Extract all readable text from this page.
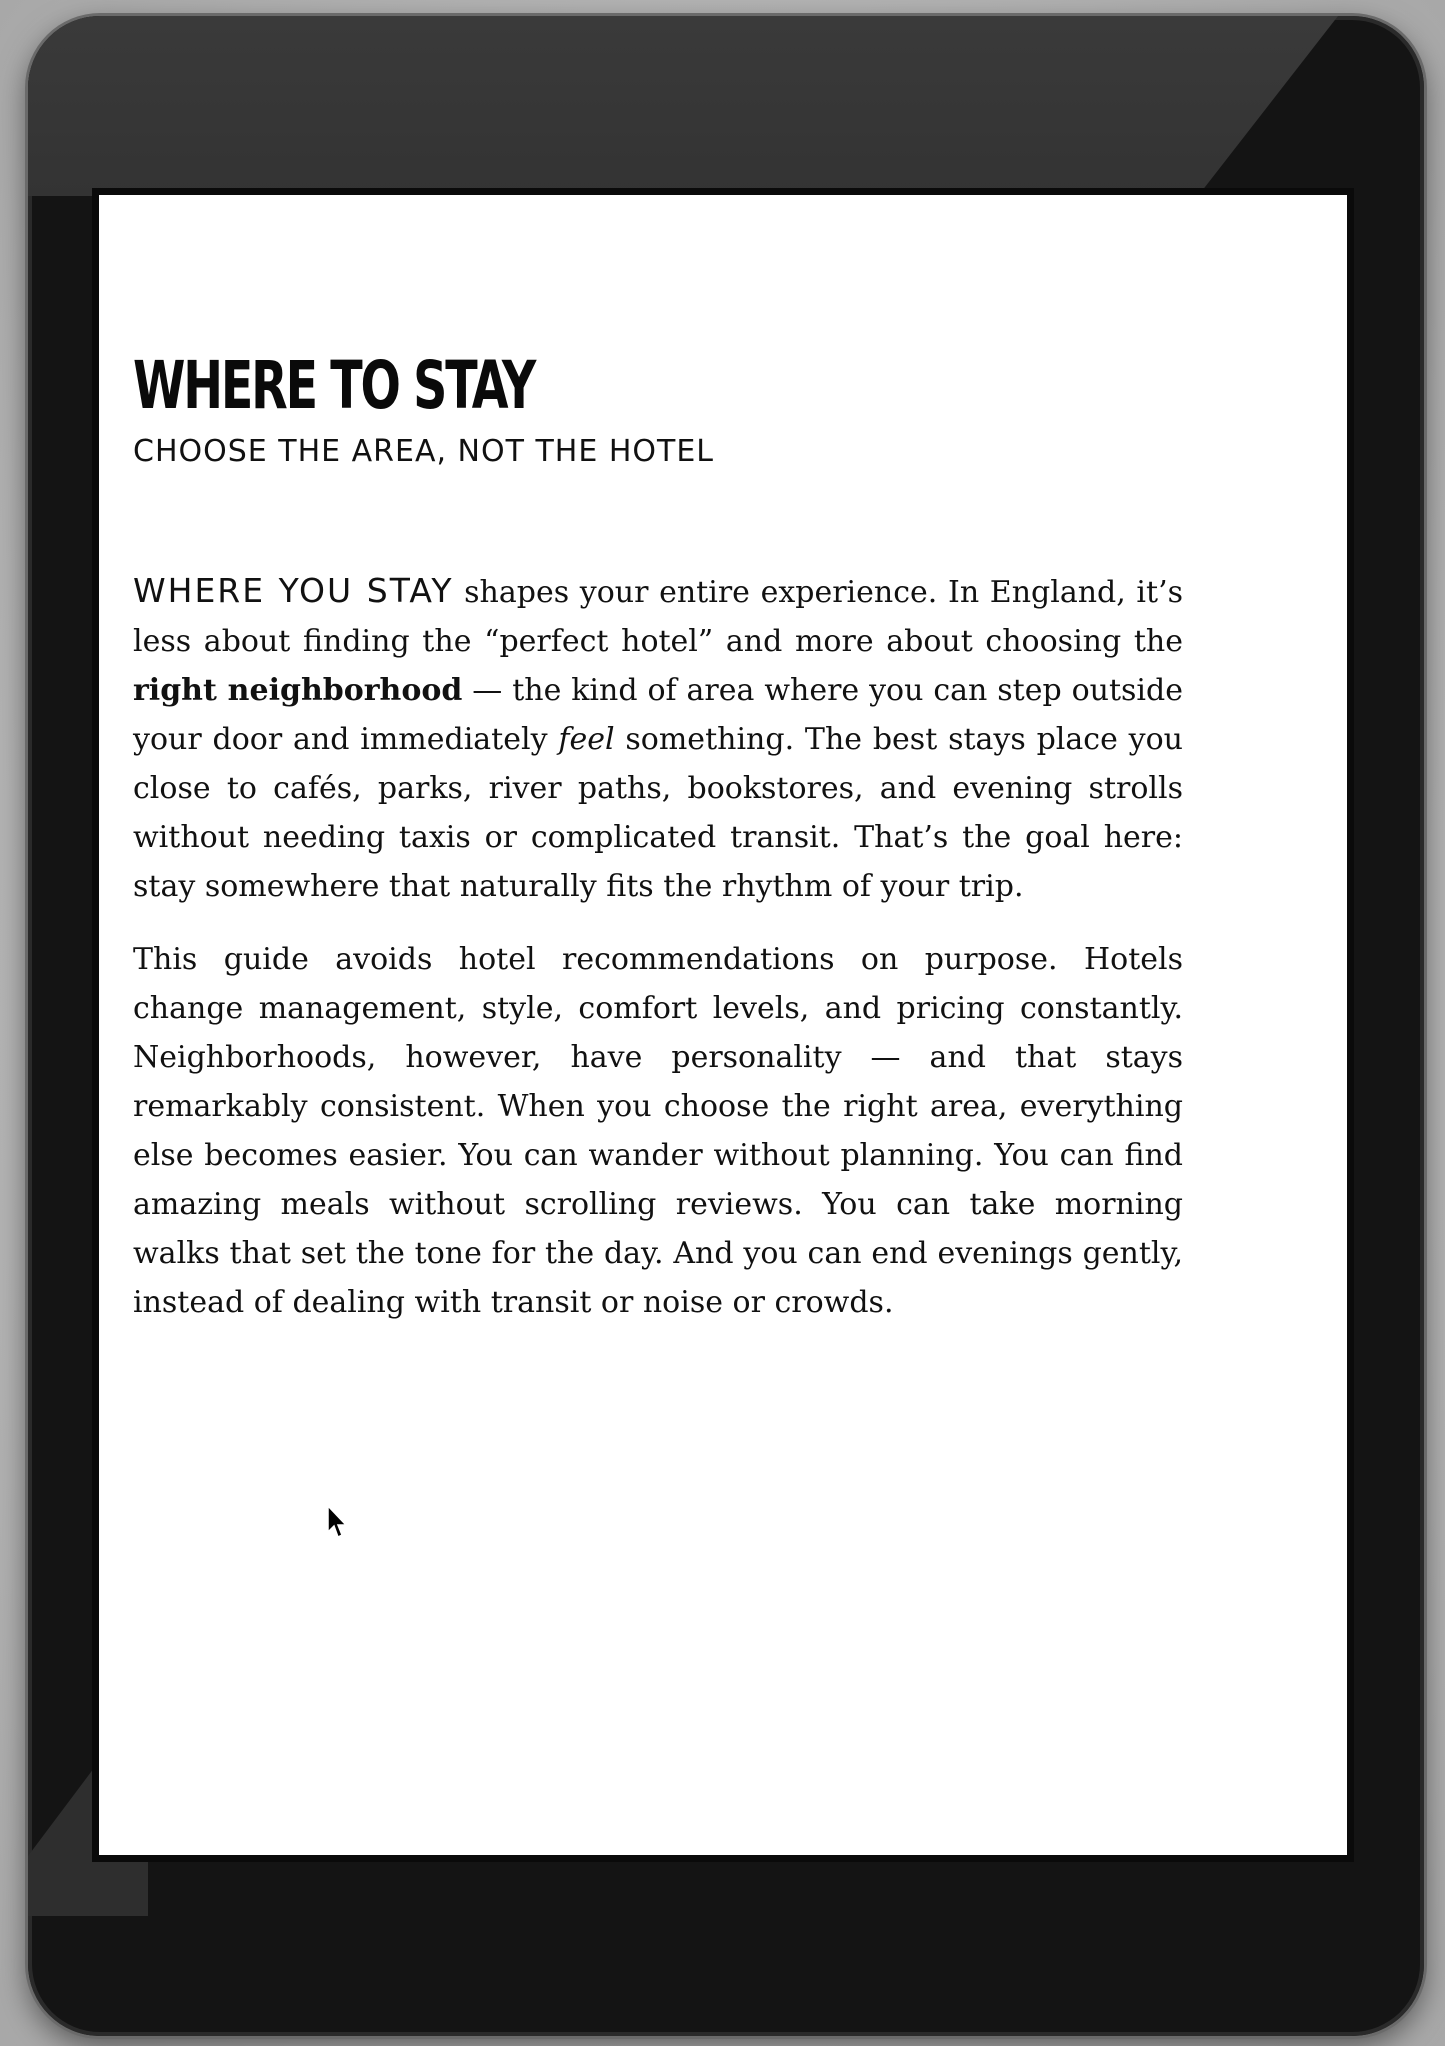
WHERE TO STAY
CHOOSE THE AREA, NOT THE HOTEL

WHERE YOU STAY shapes your entire experience. In England, it’s less about finding the “perfect hotel” and more about choosing the right neighborhood — the kind of area where you can step outside your door and immediately feel something. The best stays place you close to cafés, parks, river paths, bookstores, and evening strolls without needing taxis or complicated transit. That’s the goal here: stay somewhere that naturally fits the rhythm of your trip.

This guide avoids hotel recommendations on purpose. Hotels change management, style, comfort levels, and pricing constantly. Neighborhoods, however, have personality — and that stays remarkably consistent. When you choose the right area, everything else becomes easier. You can wander without planning. You can find amazing meals without scrolling reviews. You can take morning walks that set the tone for the day. And you can end evenings gently, instead of dealing with transit or noise or crowds.
